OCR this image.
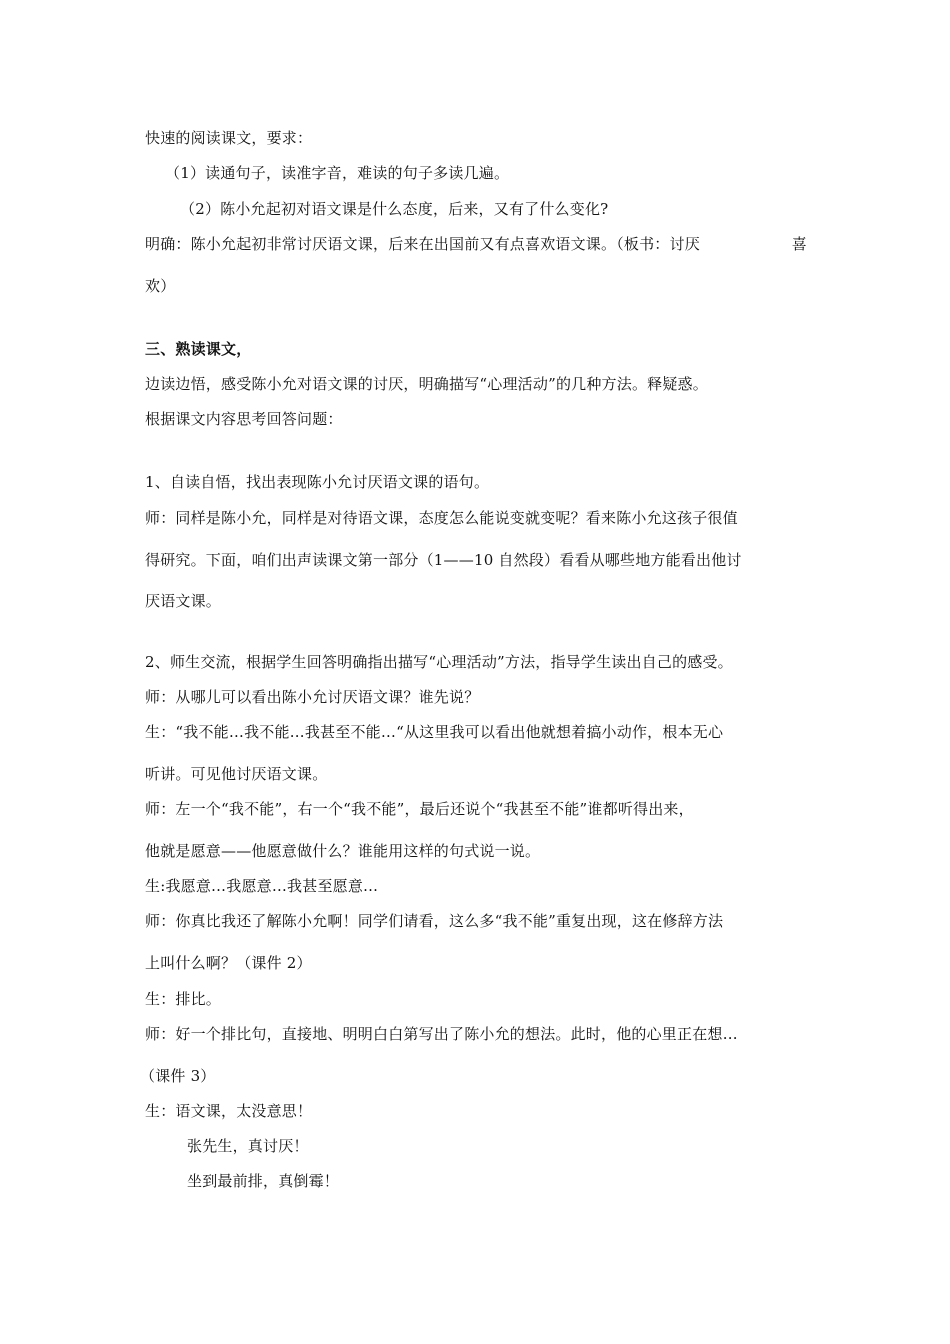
快速的阅读课文，要求：
（1）读通句子，读准字音，难读的句子多读几遍。
（2）陈小允起初对语文课是什么态度，后来，又有了什么变化?
明确：陈小允起初非常讨厌语文课，后来在出国前又有点喜欢语文课。（板书：讨厌	喜
欢）
三、熟读课文，
边读边悟，感受陈小允对语文课的讨厌，明确描写“心理活动”的几种方法。释疑惑。
根据课文内容思考回答问题：
1、自读自悟，找出表现陈小允讨厌语文课的语句。
师：同样是陈小允，同样是对待语文课，态度怎么能说变就变呢？看来陈小允这孩子很值
得研究。下面，咱们出声读课文第一部分（1——10 自然段）看看从哪些地方能看出他讨
厌语文课。
2、师生交流，根据学生回答明确指出描写“心理活动”方法，指导学生读出自己的感受。
师：从哪儿可以看出陈小允讨厌语文课？谁先说？
生：“我不能…我不能…我甚至不能…“从这里我可以看出他就想着搞小动作，根本无心
听讲。可见他讨厌语文课。
师：左一个“我不能”，右一个“我不能”，最后还说个“我甚至不能”谁都听得出来，
他就是愿意——他愿意做什么？谁能用这样的句式说一说。
生:我愿意…我愿意…我甚至愿意…
师：你真比我还了解陈小允啊！同学们请看，这么多“我不能”重复出现，这在修辞方法
上叫什么啊？（课件 2）
生：排比。
师：好一个排比句，直接地、明明白白第写出了陈小允的想法。此时，他的心里正在想…
（课件 3）
生：语文课，太没意思！
张先生，真讨厌！
坐到最前排，真倒霉！
